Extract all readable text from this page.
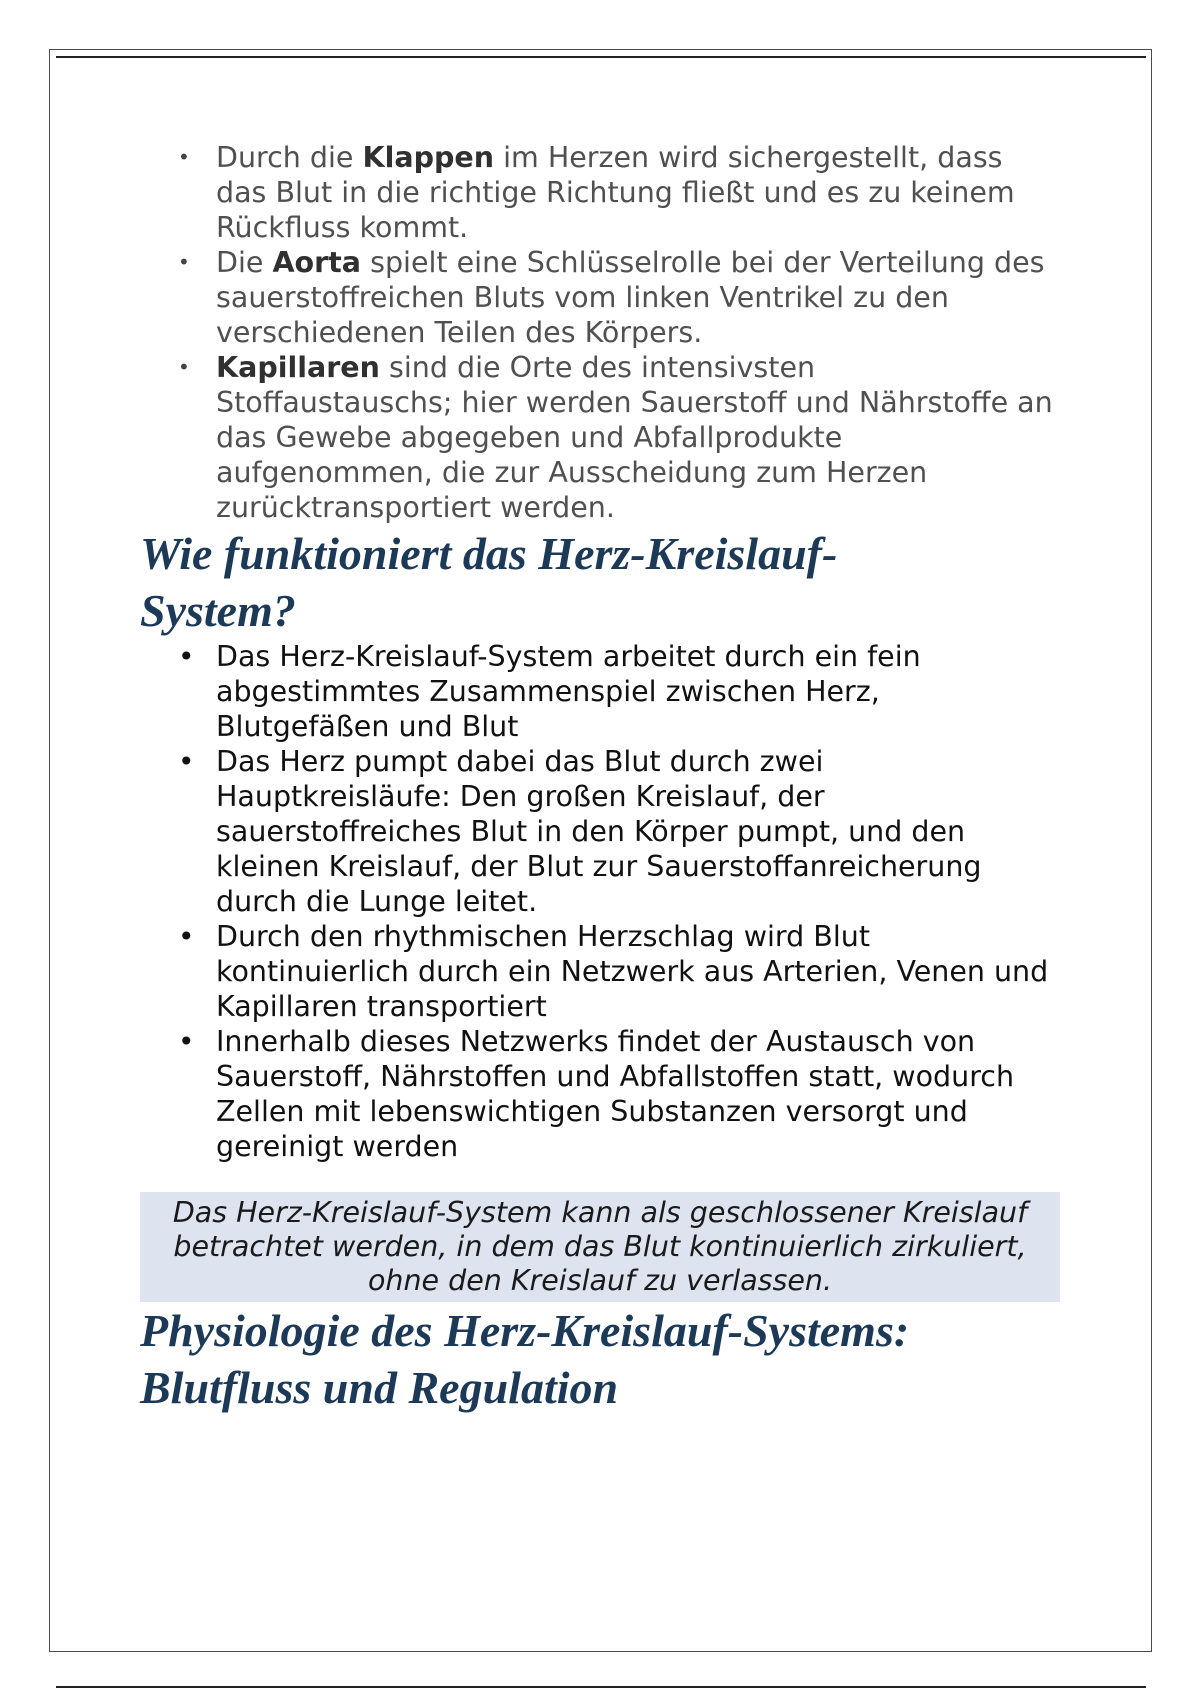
• Durch die Klappen im Herzen wird sichergestellt, dass das Blut in die richtige Richtung fließt und es zu keinem Rückfluss kommt.
• Die Aorta spielt eine Schlüsselrolle bei der Verteilung des sauerstoffreichen Bluts vom linken Ventrikel zu den verschiedenen Teilen des Körpers.
• Kapillaren sind die Orte des intensivsten Stoffaustauschs; hier werden Sauerstoff und Nährstoffe an das Gewebe abgegeben und Abfallprodukte aufgenommen, die zur Ausscheidung zum Herzen zurücktransportiert werden.
Wie funktioniert das Herz-Kreislauf-System?
• Das Herz-Kreislauf-System arbeitet durch ein fein abgestimmtes Zusammenspiel zwischen Herz, Blutgefäßen und Blut
• Das Herz pumpt dabei das Blut durch zwei Hauptkreisläufe: Den großen Kreislauf, der sauerstoffreiches Blut in den Körper pumpt, und den kleinen Kreislauf, der Blut zur Sauerstoffanreicherung durch die Lunge leitet.
• Durch den rhythmischen Herzschlag wird Blut kontinuierlich durch ein Netzwerk aus Arterien, Venen und Kapillaren transportiert
• Innerhalb dieses Netzwerks findet der Austausch von Sauerstoff, Nährstoffen und Abfallstoffen statt, wodurch Zellen mit lebenswichtigen Substanzen versorgt und gereinigt werden
Das Herz-Kreislauf-System kann als geschlossener Kreislauf betrachtet werden, in dem das Blut kontinuierlich zirkuliert, ohne den Kreislauf zu verlassen.
Physiologie des Herz-Kreislauf-Systems: Blutfluss und Regulation
